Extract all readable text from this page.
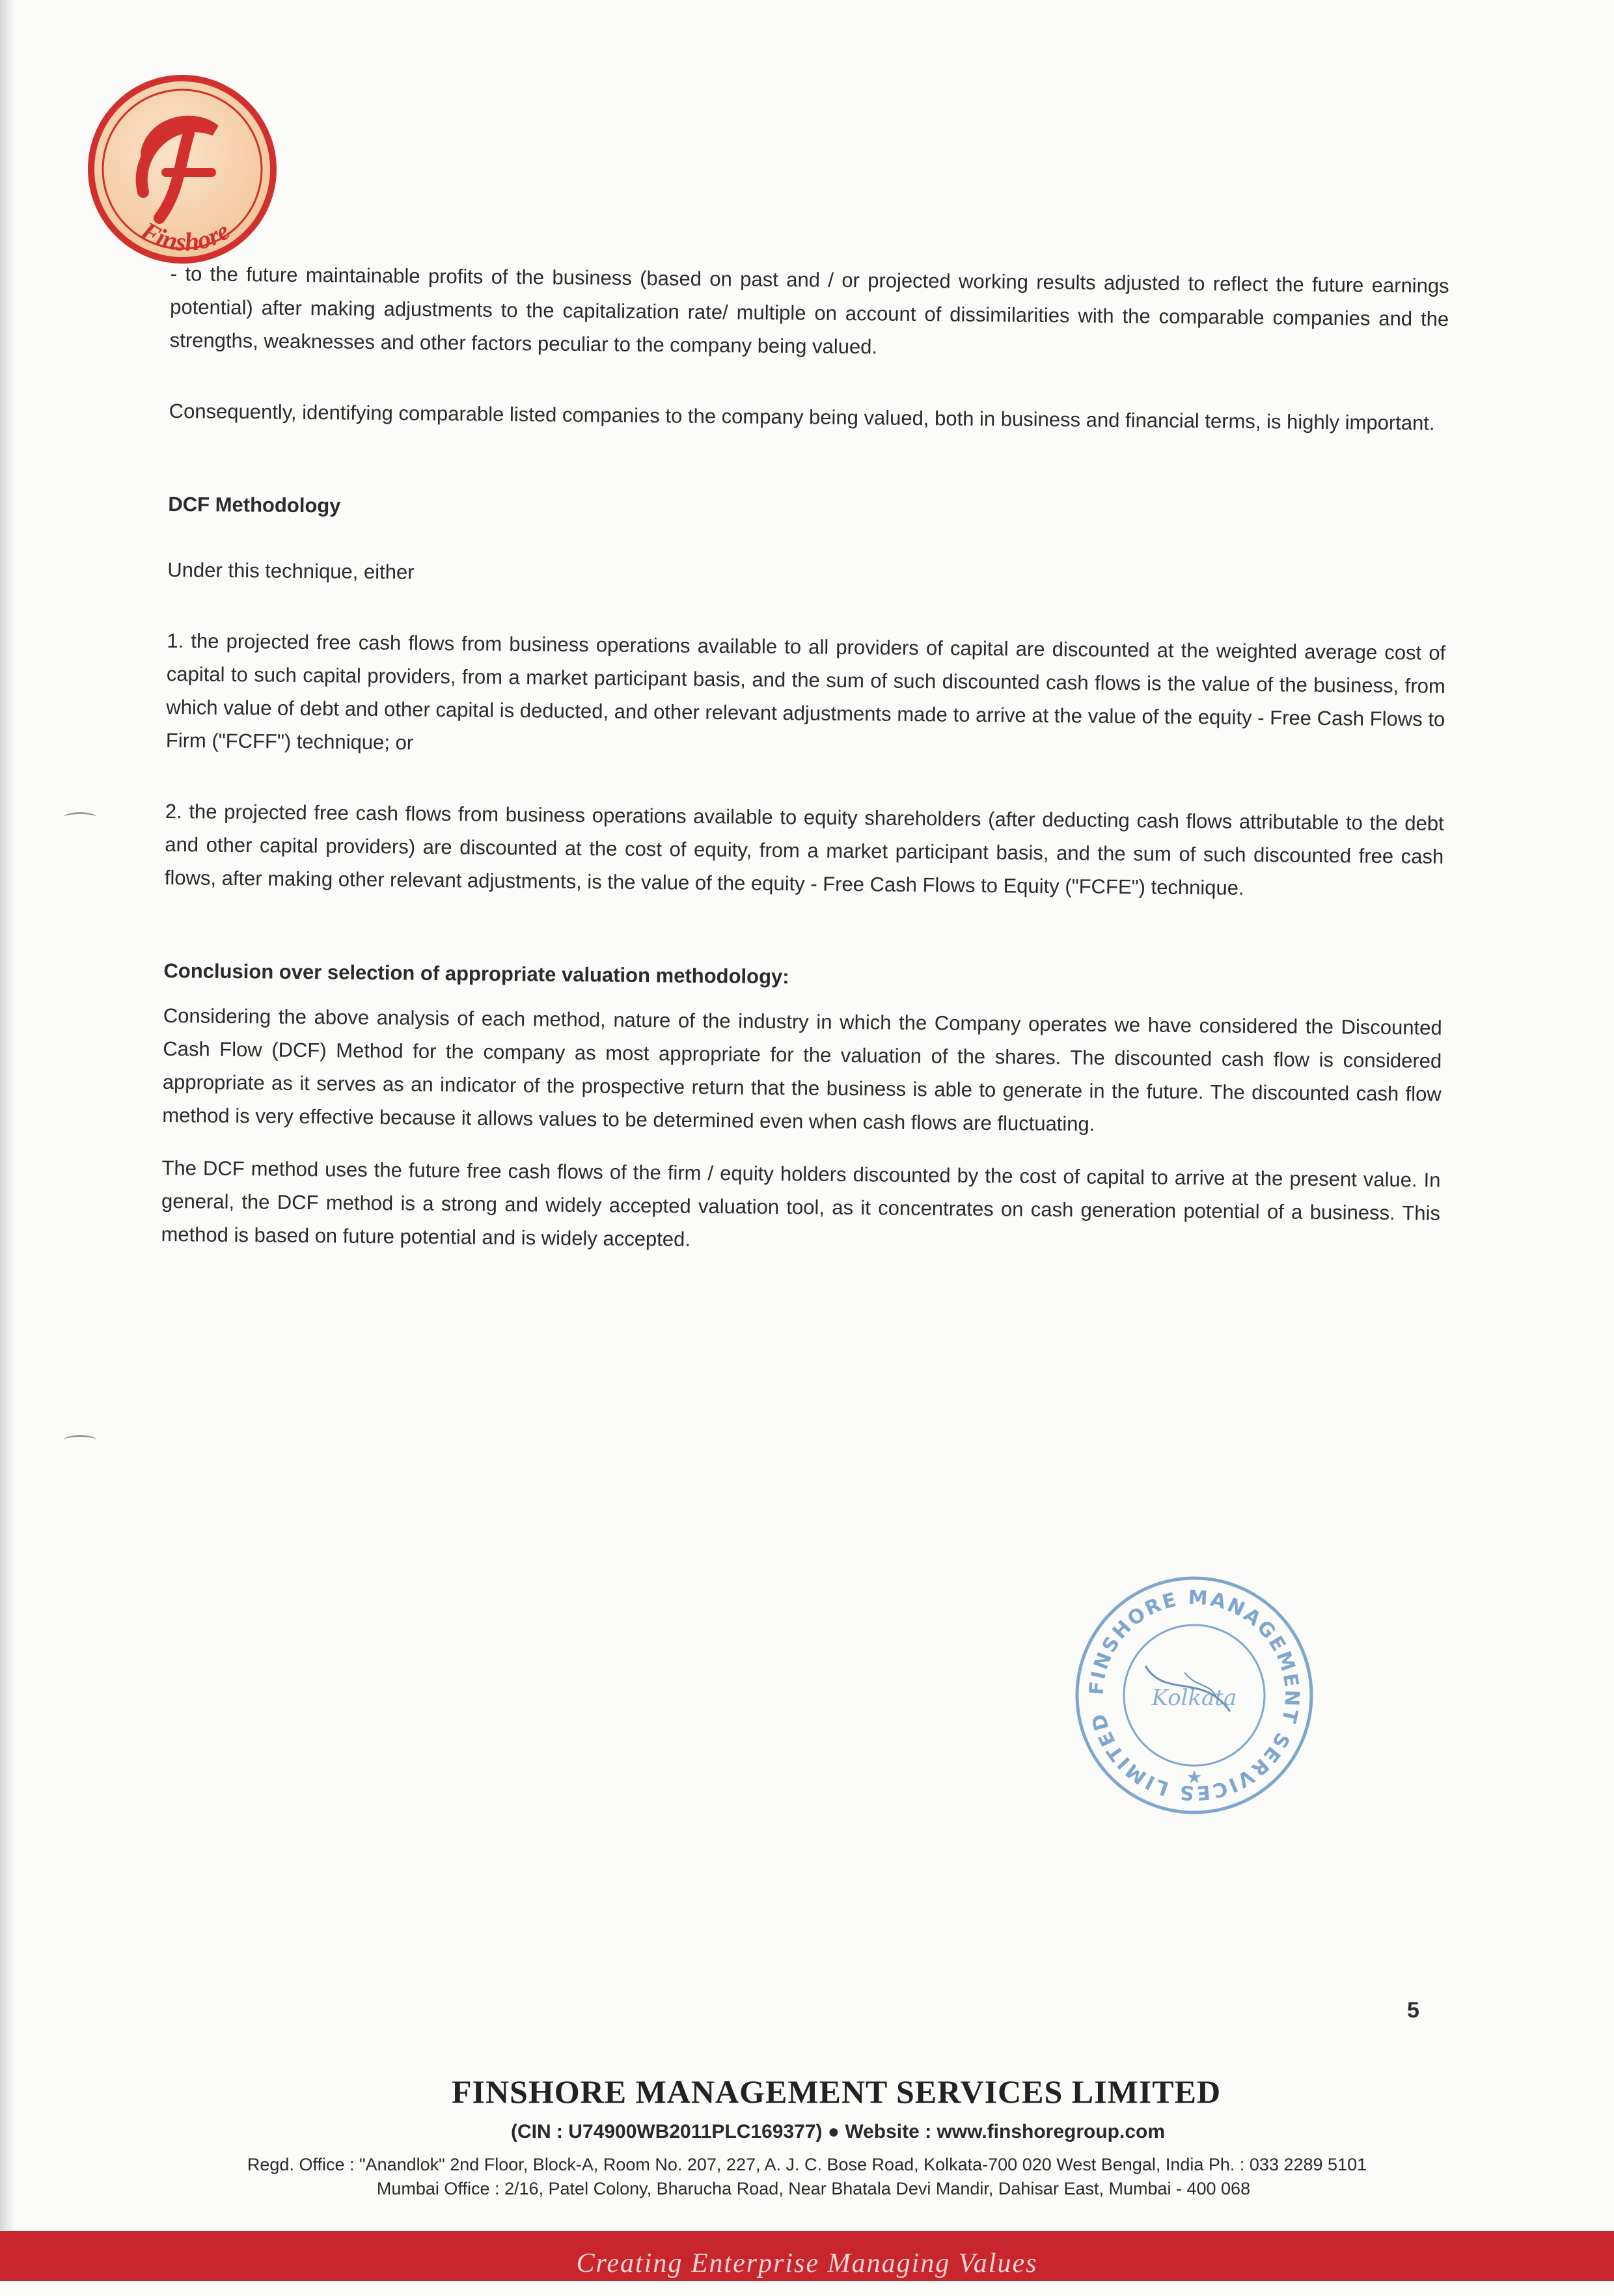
Finshore

- to the future maintainable profits of the business (based on past and / or projected working results adjusted to reflect the future earnings potential) after making adjustments to the capitalization rate/ multiple on account of dissimilarities with the comparable companies and the strengths, weaknesses and other factors peculiar to the company being valued.

Consequently, identifying comparable listed companies to the company being valued, both in business and financial terms, is highly important.

DCF Methodology

Under this technique, either

1. the projected free cash flows from business operations available to all providers of capital are discounted at the weighted average cost of capital to such capital providers, from a market participant basis, and the sum of such discounted cash flows is the value of the business, from which value of debt and other capital is deducted, and other relevant adjustments made to arrive at the value of the equity - Free Cash Flows to Firm ("FCFF") technique; or

2. the projected free cash flows from business operations available to equity shareholders (after deducting cash flows attributable to the debt and other capital providers) are discounted at the cost of equity, from a market participant basis, and the sum of such discounted free cash flows, after making other relevant adjustments, is the value of the equity - Free Cash Flows to Equity ("FCFE") technique.

Conclusion over selection of appropriate valuation methodology:

Considering the above analysis of each method, nature of the industry in which the Company operates we have considered the Discounted Cash Flow (DCF) Method for the company as most appropriate for the valuation of the shares. The discounted cash flow is considered appropriate as it serves as an indicator of the prospective return that the business is able to generate in the future. The discounted cash flow method is very effective because it allows values to be determined even when cash flows are fluctuating.

The DCF method uses the future free cash flows of the firm / equity holders discounted by the cost of capital to arrive at the present value. In general, the DCF method is a strong and widely accepted valuation tool, as it concentrates on cash generation potential of a business. This method is based on future potential and is widely accepted.

FINSHORE MANAGEMENT SERVICES LIMITED
Kolkata
★
5
FINSHORE MANAGEMENT SERVICES LIMITED
(CIN : U74900WB2011PLC169377) ● Website : www.finshoregroup.com
Regd. Office : "Anandlok" 2nd Floor, Block-A, Room No. 207, 227, A. J. C. Bose Road, Kolkata-700 020 West Bengal, India Ph. : 033 2289 5101
Mumbai Office : 2/16, Patel Colony, Bharucha Road, Near Bhatala Devi Mandir, Dahisar East, Mumbai - 400 068
Creating Enterprise Managing Values
